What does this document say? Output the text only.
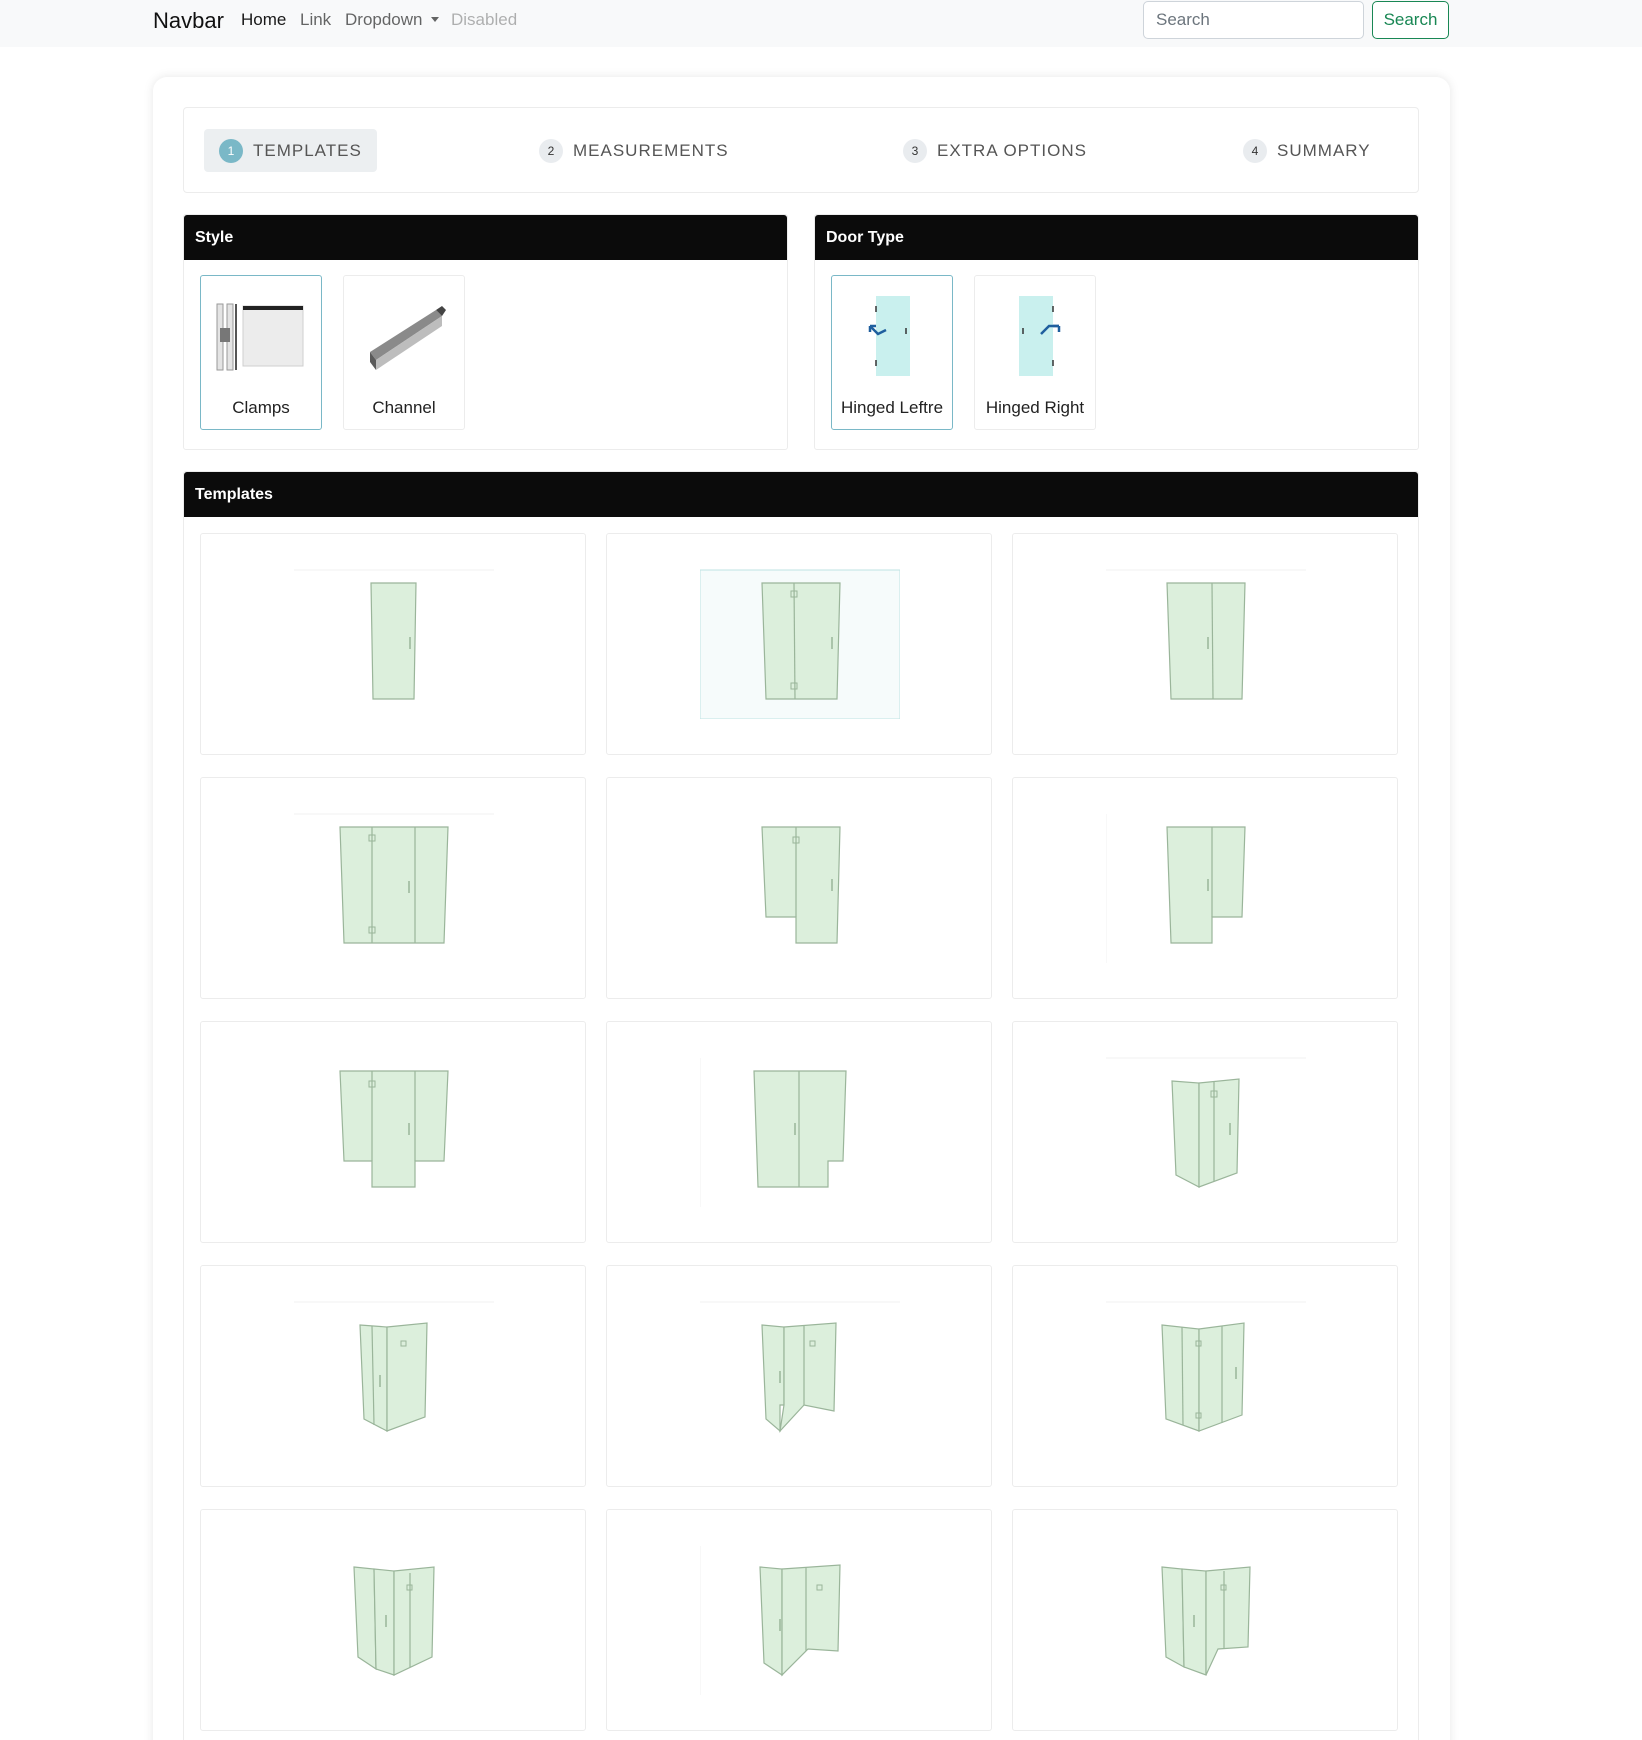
Navbar Home Link Dropdown	Disabled
Search	Search
1	TEMPLATES	2	MEASUREMENTS	3	EXTRA OPTIONS	4	SUMMARY
Style
Clamps	Channel
Door Type
Hinged Leftre	Hinged Right
Templates
